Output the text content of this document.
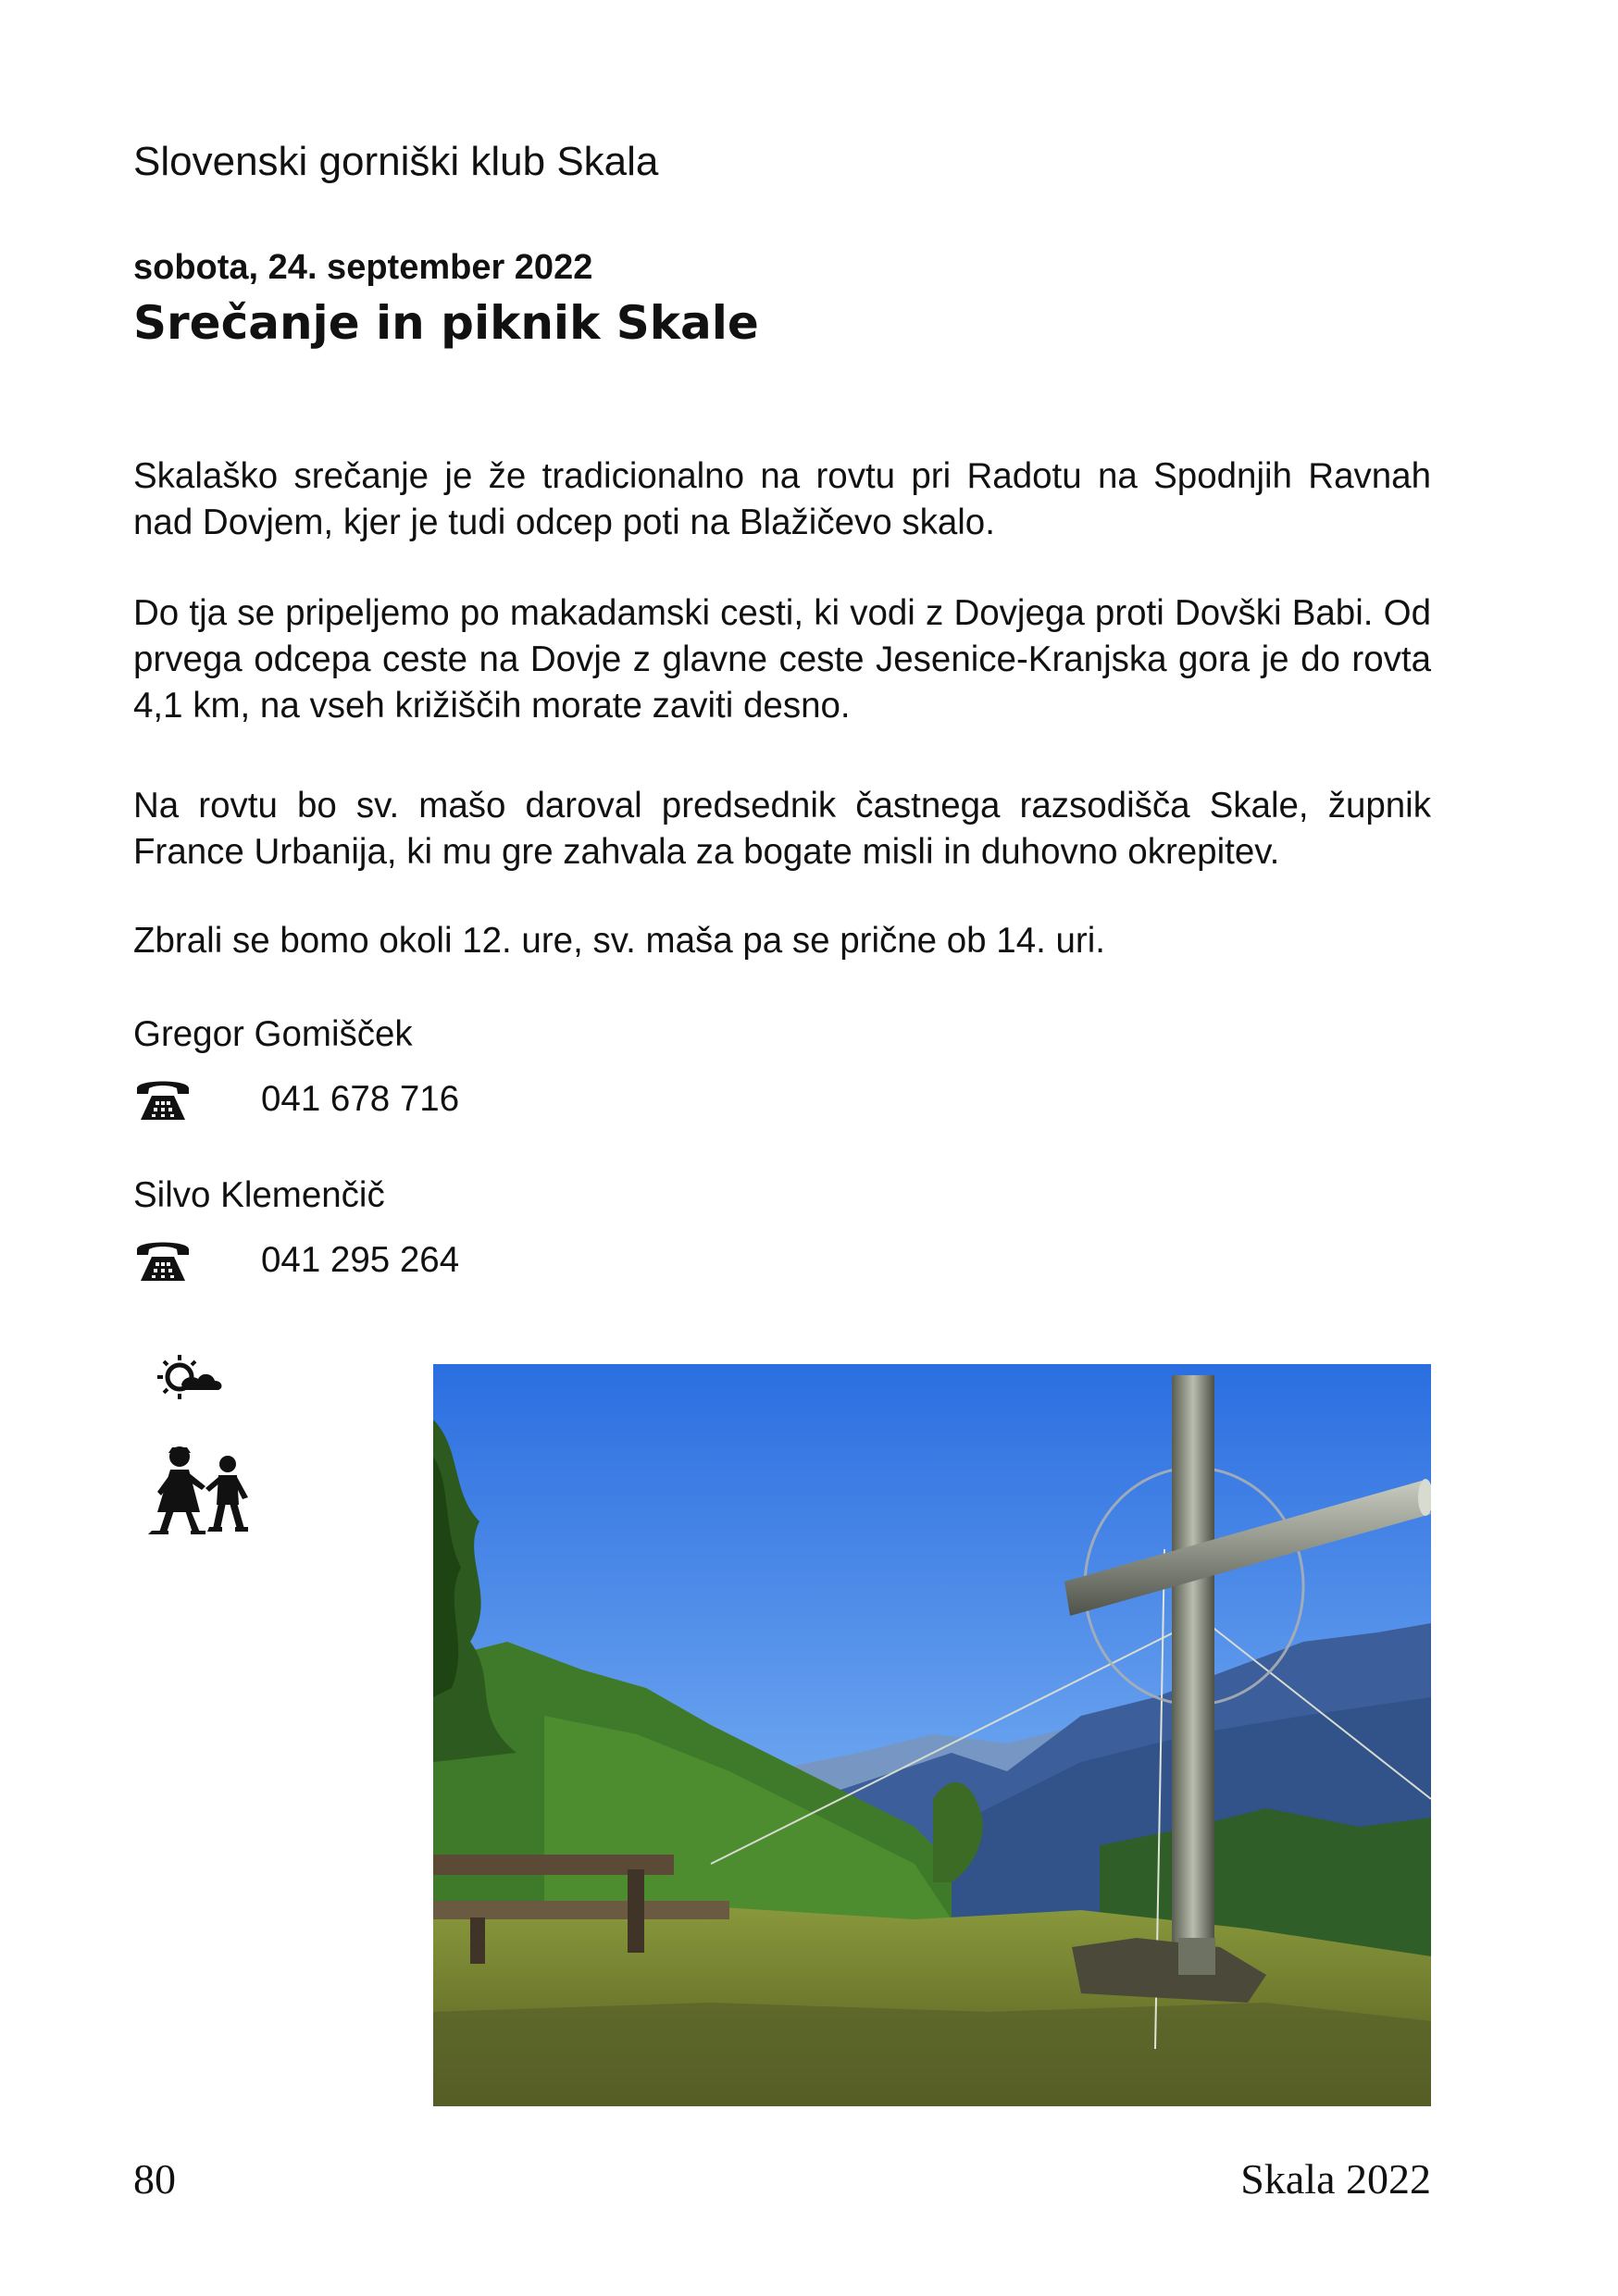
Slovenski gorniški klub Skala
sobota, 24. september 2022
Srečanje in piknik Skale

Skalaško srečanje je že tradicionalno na rovtu pri Radotu na Spodnjih Ravnah nad Dovjem, kjer je tudi odcep poti na Blažičevo skalo.

Do tja se pripeljemo po makadamski cesti, ki vodi z Dovjega proti Dovški Babi. Od prvega odcepa ceste na Dovje z glavne ceste Jesenice-Kranjska gora je do rovta 4,1 km, na vseh križiščih morate zaviti desno.

Na rovtu bo sv. mašo daroval predsednik častnega razsodišča Skale, župnik France Urbanija, ki mu gre zahvala za bogate misli in duhovno okrepitev.

Zbrali se bomo okoli 12. ure, sv. maša pa se prične ob 14. uri.

Gregor Gomišček
041 678 716
Silvo Klemenčič
041 295 264
80	Skala 2022
